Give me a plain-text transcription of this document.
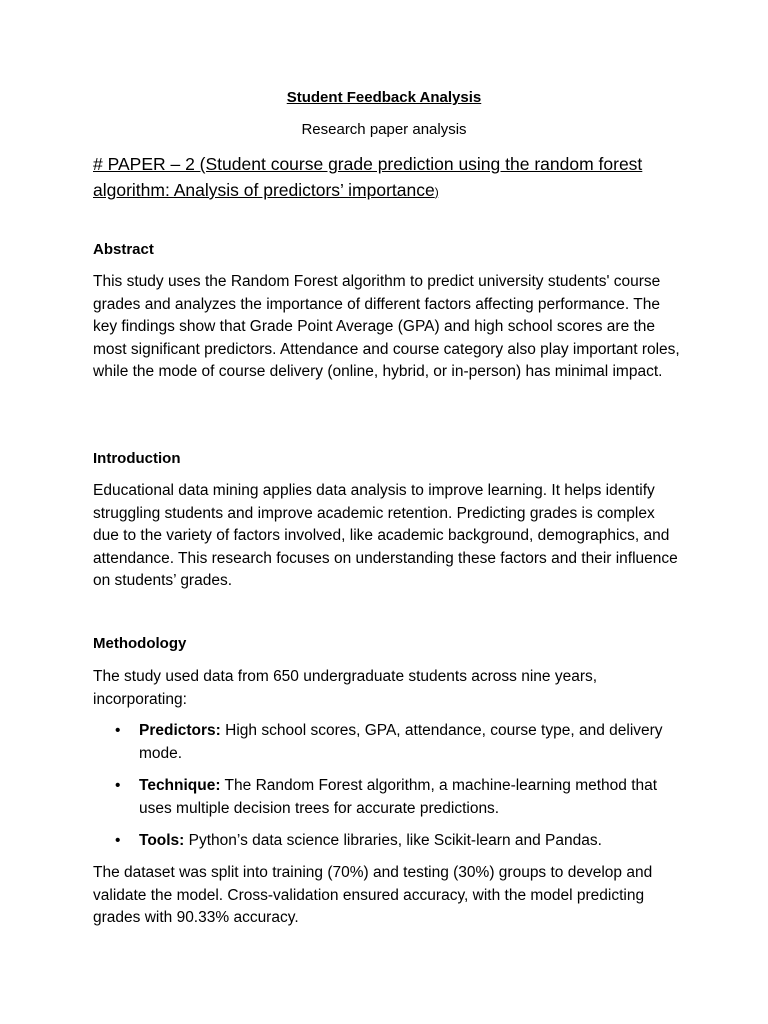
Student Feedback Analysis
Research paper analysis
# PAPER – 2 (Student course grade prediction using the random forest algorithm: Analysis of predictors’ importance)
Abstract

This study uses the Random Forest algorithm to predict university students' course grades and analyzes the importance of different factors affecting performance. The key findings show that Grade Point Average (GPA) and high school scores are the most significant predictors. Attendance and course category also play important roles, while the mode of course delivery (online, hybrid, or in-person) has minimal impact.

Introduction

Educational data mining applies data analysis to improve learning. It helps identify struggling students and improve academic retention. Predicting grades is complex due to the variety of factors involved, like academic background, demographics, and attendance. This research focuses on understanding these factors and their influence on students’ grades.

Methodology

The study used data from 650 undergraduate students across nine years, incorporating:

• Predictors: High school scores, GPA, attendance, course type, and delivery mode.
• Technique: The Random Forest algorithm, a machine-learning method that uses multiple decision trees for accurate predictions.
• Tools: Python’s data science libraries, like Scikit-learn and Pandas.

The dataset was split into training (70%) and testing (30%) groups to develop and validate the model. Cross-validation ensured accuracy, with the model predicting grades with 90.33% accuracy.
